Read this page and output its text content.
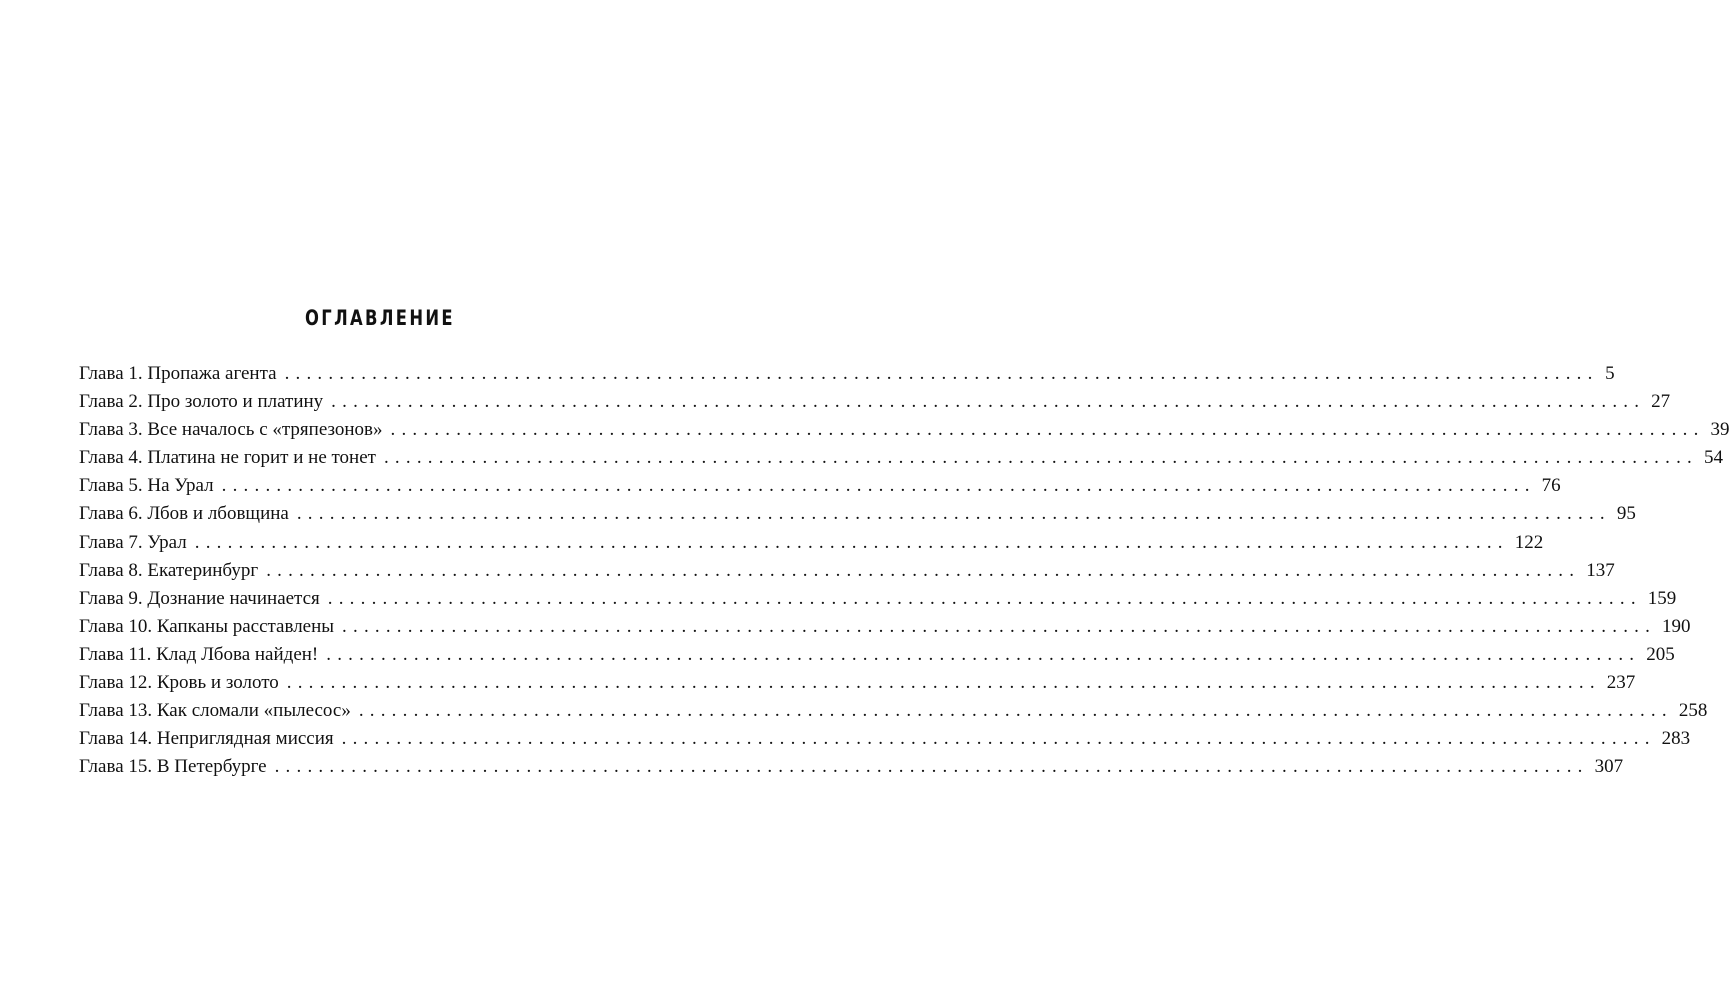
ОГЛАВЛЕНИЕ
Глава 1. Пропажа агента ........................................................................................................................ 5
Глава 2. Про золото и платину ........................................................................................................................ 27
Глава 3. Все началось с «тряпезонов» ........................................................................................................................ 39
Глава 4. Платина не горит и не тонет ........................................................................................................................ 54
Глава 5. На Урал ........................................................................................................................ 76
Глава 6. Лбов и лбовщина ........................................................................................................................ 95
Глава 7. Урал ........................................................................................................................ 122
Глава 8. Екатеринбург ........................................................................................................................ 137
Глава 9. Дознание начинается ........................................................................................................................ 159
Глава 10. Капканы расставлены ........................................................................................................................ 190
Глава 11. Клад Лбова найден! ........................................................................................................................ 205
Глава 12. Кровь и золото ........................................................................................................................ 237
Глава 13. Как сломали «пылесос» ........................................................................................................................ 258
Глава 14. Неприглядная миссия ........................................................................................................................ 283
Глава 15. В Петербурге ........................................................................................................................ 307
